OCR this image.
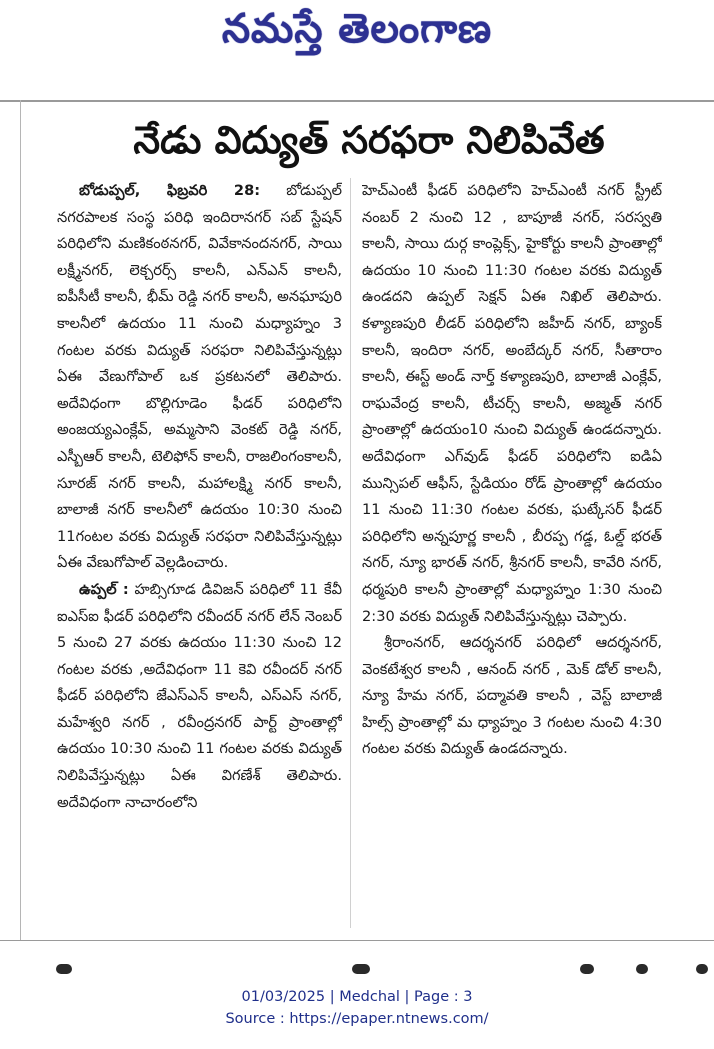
నమస్తే తెలంగాణ
నేడు విద్యుత్ సరఫరా నిలిపివేత

బోడుప్పల్, ఫిబ్రవరి 28: బోడుప్పల్ నగరపాలక సంస్థ పరిధి ఇందిరానగర్ సబ్ స్టేషన్ పరిధిలోని మణికంఠనగర్, వివేకానందనగర్, సాయి లక్ష్మీనగర్, లెక్చరర్స్ కాలనీ, ఎన్ఎన్ కాలనీ, ఐపీసీటీ కాలనీ, భీమ్ రెడ్డి నగర్ కాలనీ, అనఘాపురి కాలనీలో ఉదయం 11 నుంచి మధ్యాహ్నం 3 గంటల వరకు విద్యుత్ సరఫరా నిలిపివేస్తున్నట్లు ఏఈ వేణుగోపాల్ ఒక ప్రకటనలో తెలిపారు. అదేవిధంగా బొల్లిగూడెం ఫీడర్ పరిధిలోని అంజయ్యఎంక్లేవ్, అమ్మసాని వెంకట్ రెడ్డి నగర్, ఎస్బీఆర్ కాలనీ, టెలిఫోన్ కాలనీ, రాజలింగంకాలనీ, సూరజ్ నగర్ కాలనీ, మహాలక్ష్మి నగర్ కాలనీ, బాలాజీ నగర్ కాలనీలో ఉదయం 10:30 నుంచి 11గంటల వరకు విద్యుత్ సరఫరా నిలిపివేస్తున్నట్లు ఏఈ వేణుగోపాల్ వెల్లడించారు.

ఉప్పల్ : హబ్సిగూడ డివిజన్ పరిధిలో 11 కేవీ ఐఎస్ఐ ఫీడర్ పరిధిలోని రవీందర్ నగర్ లేన్ నెంబర్ 5 నుంచి 27 వరకు ఉదయం 11:30 నుంచి 12 గంటల వరకు ,అదేవిధంగా 11 కెవి రవీందర్ నగర్ ఫీడర్ పరిధిలోని జేఎస్ఎన్ కాలనీ, ఎస్ఎస్ నగర్, మహేశ్వరి నగర్ , రవీంద్రనగర్ పార్ట్ ప్రాంతాల్లో ఉదయం 10:30 నుంచి 11 గంటల వరకు విద్యుత్ నిలిపివేస్తున్నట్లు ఏఈ విగణేశ్ తెలిపారు. అదేవిధంగా నాచారంలోని

హెచ్ఎంటీ ఫీడర్ పరిధిలోని హెచ్ఎంటీ నగర్ స్ట్రీట్ నంబర్ 2 నుంచి 12 , బాపూజీ నగర్, సరస్వతి కాలనీ, సాయి దుర్గ కాంప్లెక్స్, హైకోర్టు కాలనీ ప్రాంతాల్లో ఉదయం 10 నుంచి 11:30 గంటల వరకు విద్యుత్ ఉండదని ఉప్పల్ సెక్షన్ ఏఈ నిఖిల్ తెలిపారు. కళ్యాణపురి లీడర్ పరిధిలోని జహీద్ నగర్, బ్యాంక్ కాలనీ, ఇందిరా నగర్, అంబేద్కర్ నగర్, సీతారాం కాలనీ, ఈస్ట్ అండ్ నార్త్ కళ్యాణపురి, బాలాజీ ఎంక్లేవ్, రాఘవేంద్ర కాలనీ, టీచర్స్ కాలనీ, అజ్మత్ నగర్ ప్రాంతాల్లో ఉదయం10 నుంచి విద్యుత్ ఉండదన్నారు. అదేవిధంగా ఎగ్‌వుడ్ ఫీడర్ పరిధిలోని ఐడిఏ మున్సిపల్ ఆఫీస్, స్టేడియం రోడ్ ప్రాంతాల్లో ఉదయం 11 నుంచి 11:30 గంటల వరకు, ఘట్కేసర్ ఫీడర్ పరిధిలోని అన్నపూర్ణ కాలనీ , బీరప్ప గడ్డ, ఓల్డ్ భరత్ నగర్, న్యూ భారత్ నగర్, శ్రీనగర్ కాలనీ, కావేరి నగర్, ధర్మపురి కాలనీ ప్రాంతాల్లో మధ్యాహ్నం 1:30 నుంచి 2:30 వరకు విద్యుత్ నిలిపివేస్తున్నట్లు చెప్పారు.

శ్రీరాంనగర్, ఆదర్శనగర్ పరిధిలో ఆదర్శనగర్, వెంకటేశ్వర కాలనీ , ఆనంద్ నగర్ , మెక్ డోల్ కాలనీ, న్యూ హేమ నగర్, పద్మావతి కాలనీ , వెస్ట్ బాలాజీ హిల్స్ ప్రాంతాల్లో మ ధ్యాహ్నం 3 గంటల నుంచి 4:30 గంటల వరకు విద్యుత్ ఉండదన్నారు.

01/03/2025 | Medchal | Page : 3
Source : https://epaper.ntnews.com/
